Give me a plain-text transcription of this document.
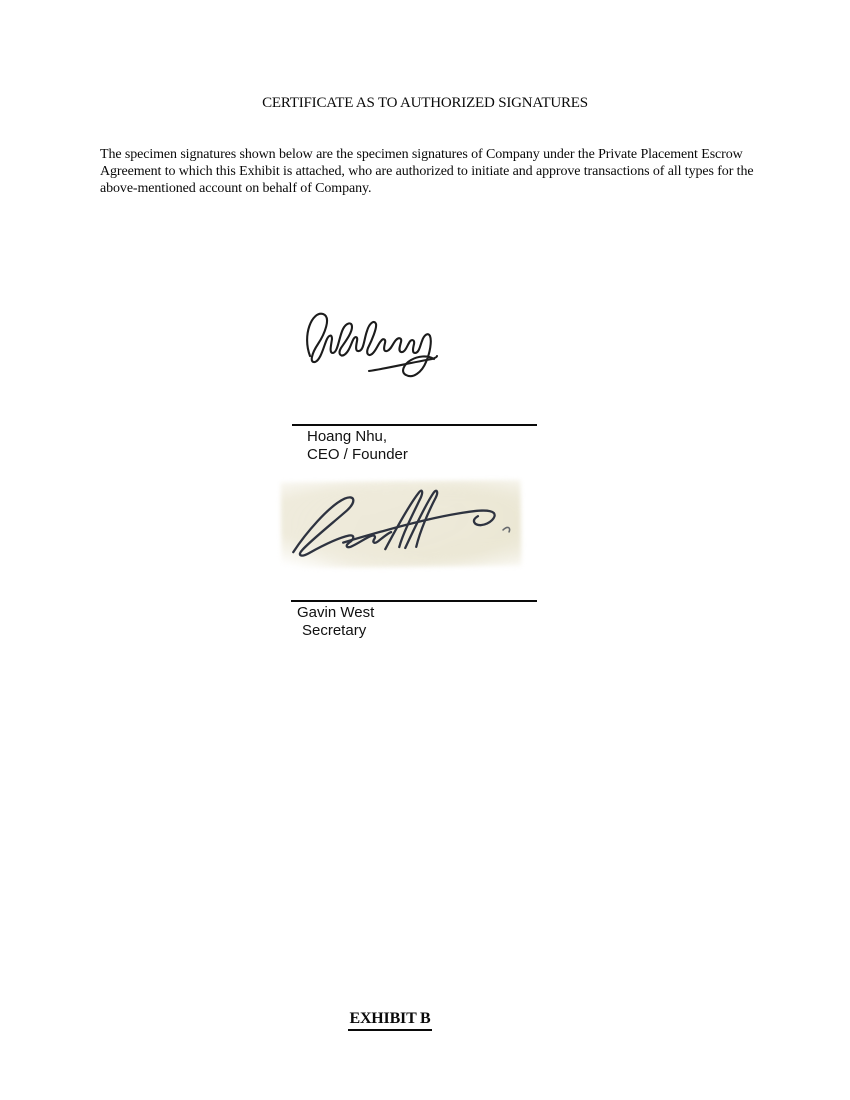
CERTIFICATE AS TO AUTHORIZED SIGNATURES
The specimen signatures shown below are the specimen signatures of Company under the Private Placement Escrow Agreement to which this Exhibit is attached, who are authorized to initiate and approve transactions of all types for the above-mentioned account on behalf of Company.
Hoang Nhu,
CEO / Founder
Gavin West
Secretary
EXHIBIT B
